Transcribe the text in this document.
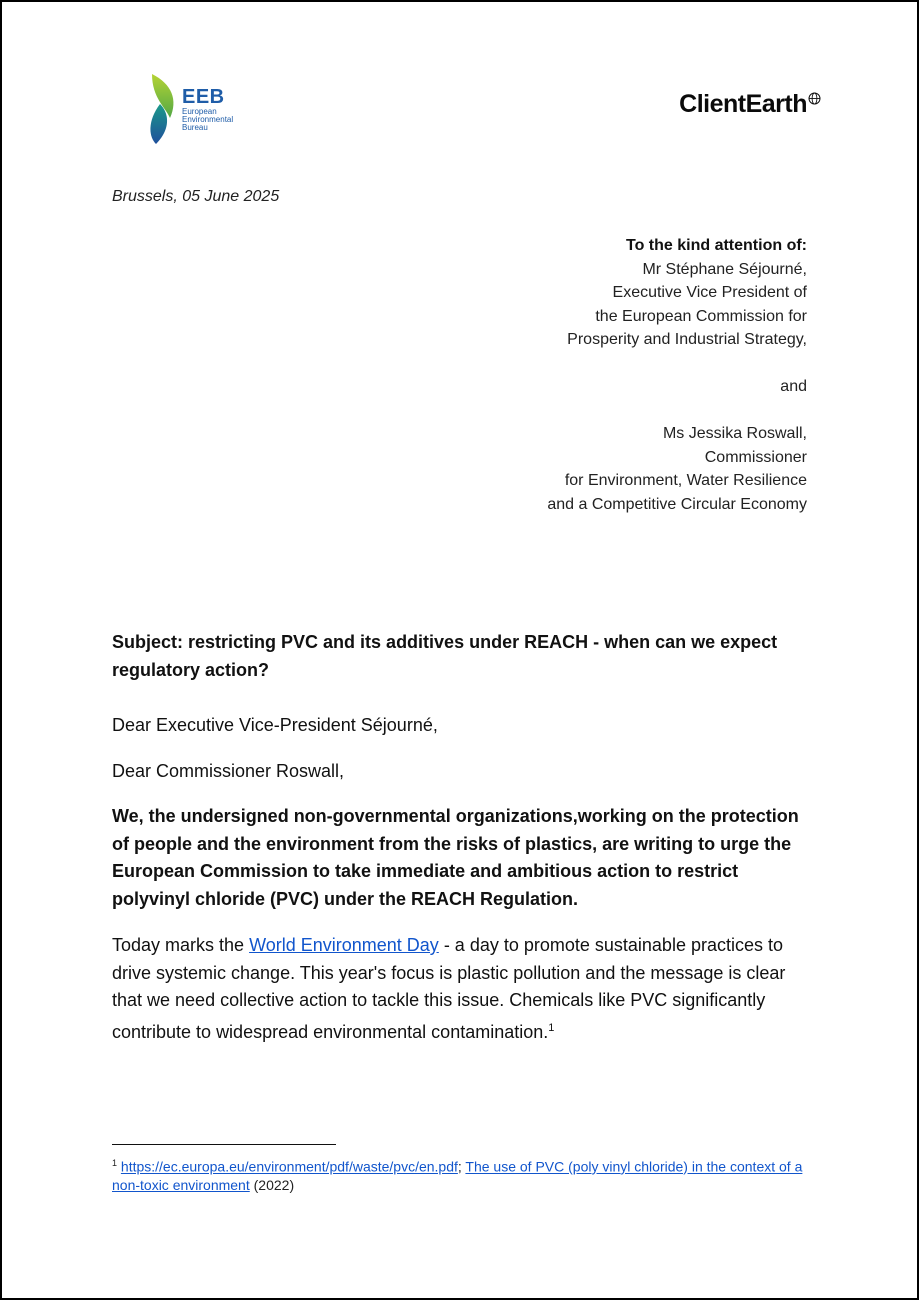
EEB
European
Environmental
Bureau
ClientEarth
Brussels, 05 June 2025
To the kind attention of:
Mr Stéphane Séjourné,
Executive Vice President of
the European Commission for
Prosperity and Industrial Strategy,
and
Ms Jessika Roswall,
Commissioner
for Environment, Water Resilience
and a Competitive Circular Economy
Subject: restricting PVC and its additives under REACH - when can we expect regulatory action?
Dear Executive Vice-President Séjourné,
Dear Commissioner Roswall,
We, the undersigned non-governmental organizations,working on the protection of people and the environment from the risks of plastics, are writing to urge the European Commission to take immediate and ambitious action to restrict polyvinyl chloride (PVC) under the REACH Regulation.
Today marks the World Environment Day - a day to promote sustainable practices to drive systemic change. This year's focus is plastic pollution and the message is clear that we need collective action to tackle this issue. Chemicals like PVC significantly contribute to widespread environmental contamination.$^1$
$^1$ https://ec.europa.eu/environment/pdf/waste/pvc/en.pdf; The use of PVC (poly vinyl chloride) in the context of a non-toxic environment (2022)
